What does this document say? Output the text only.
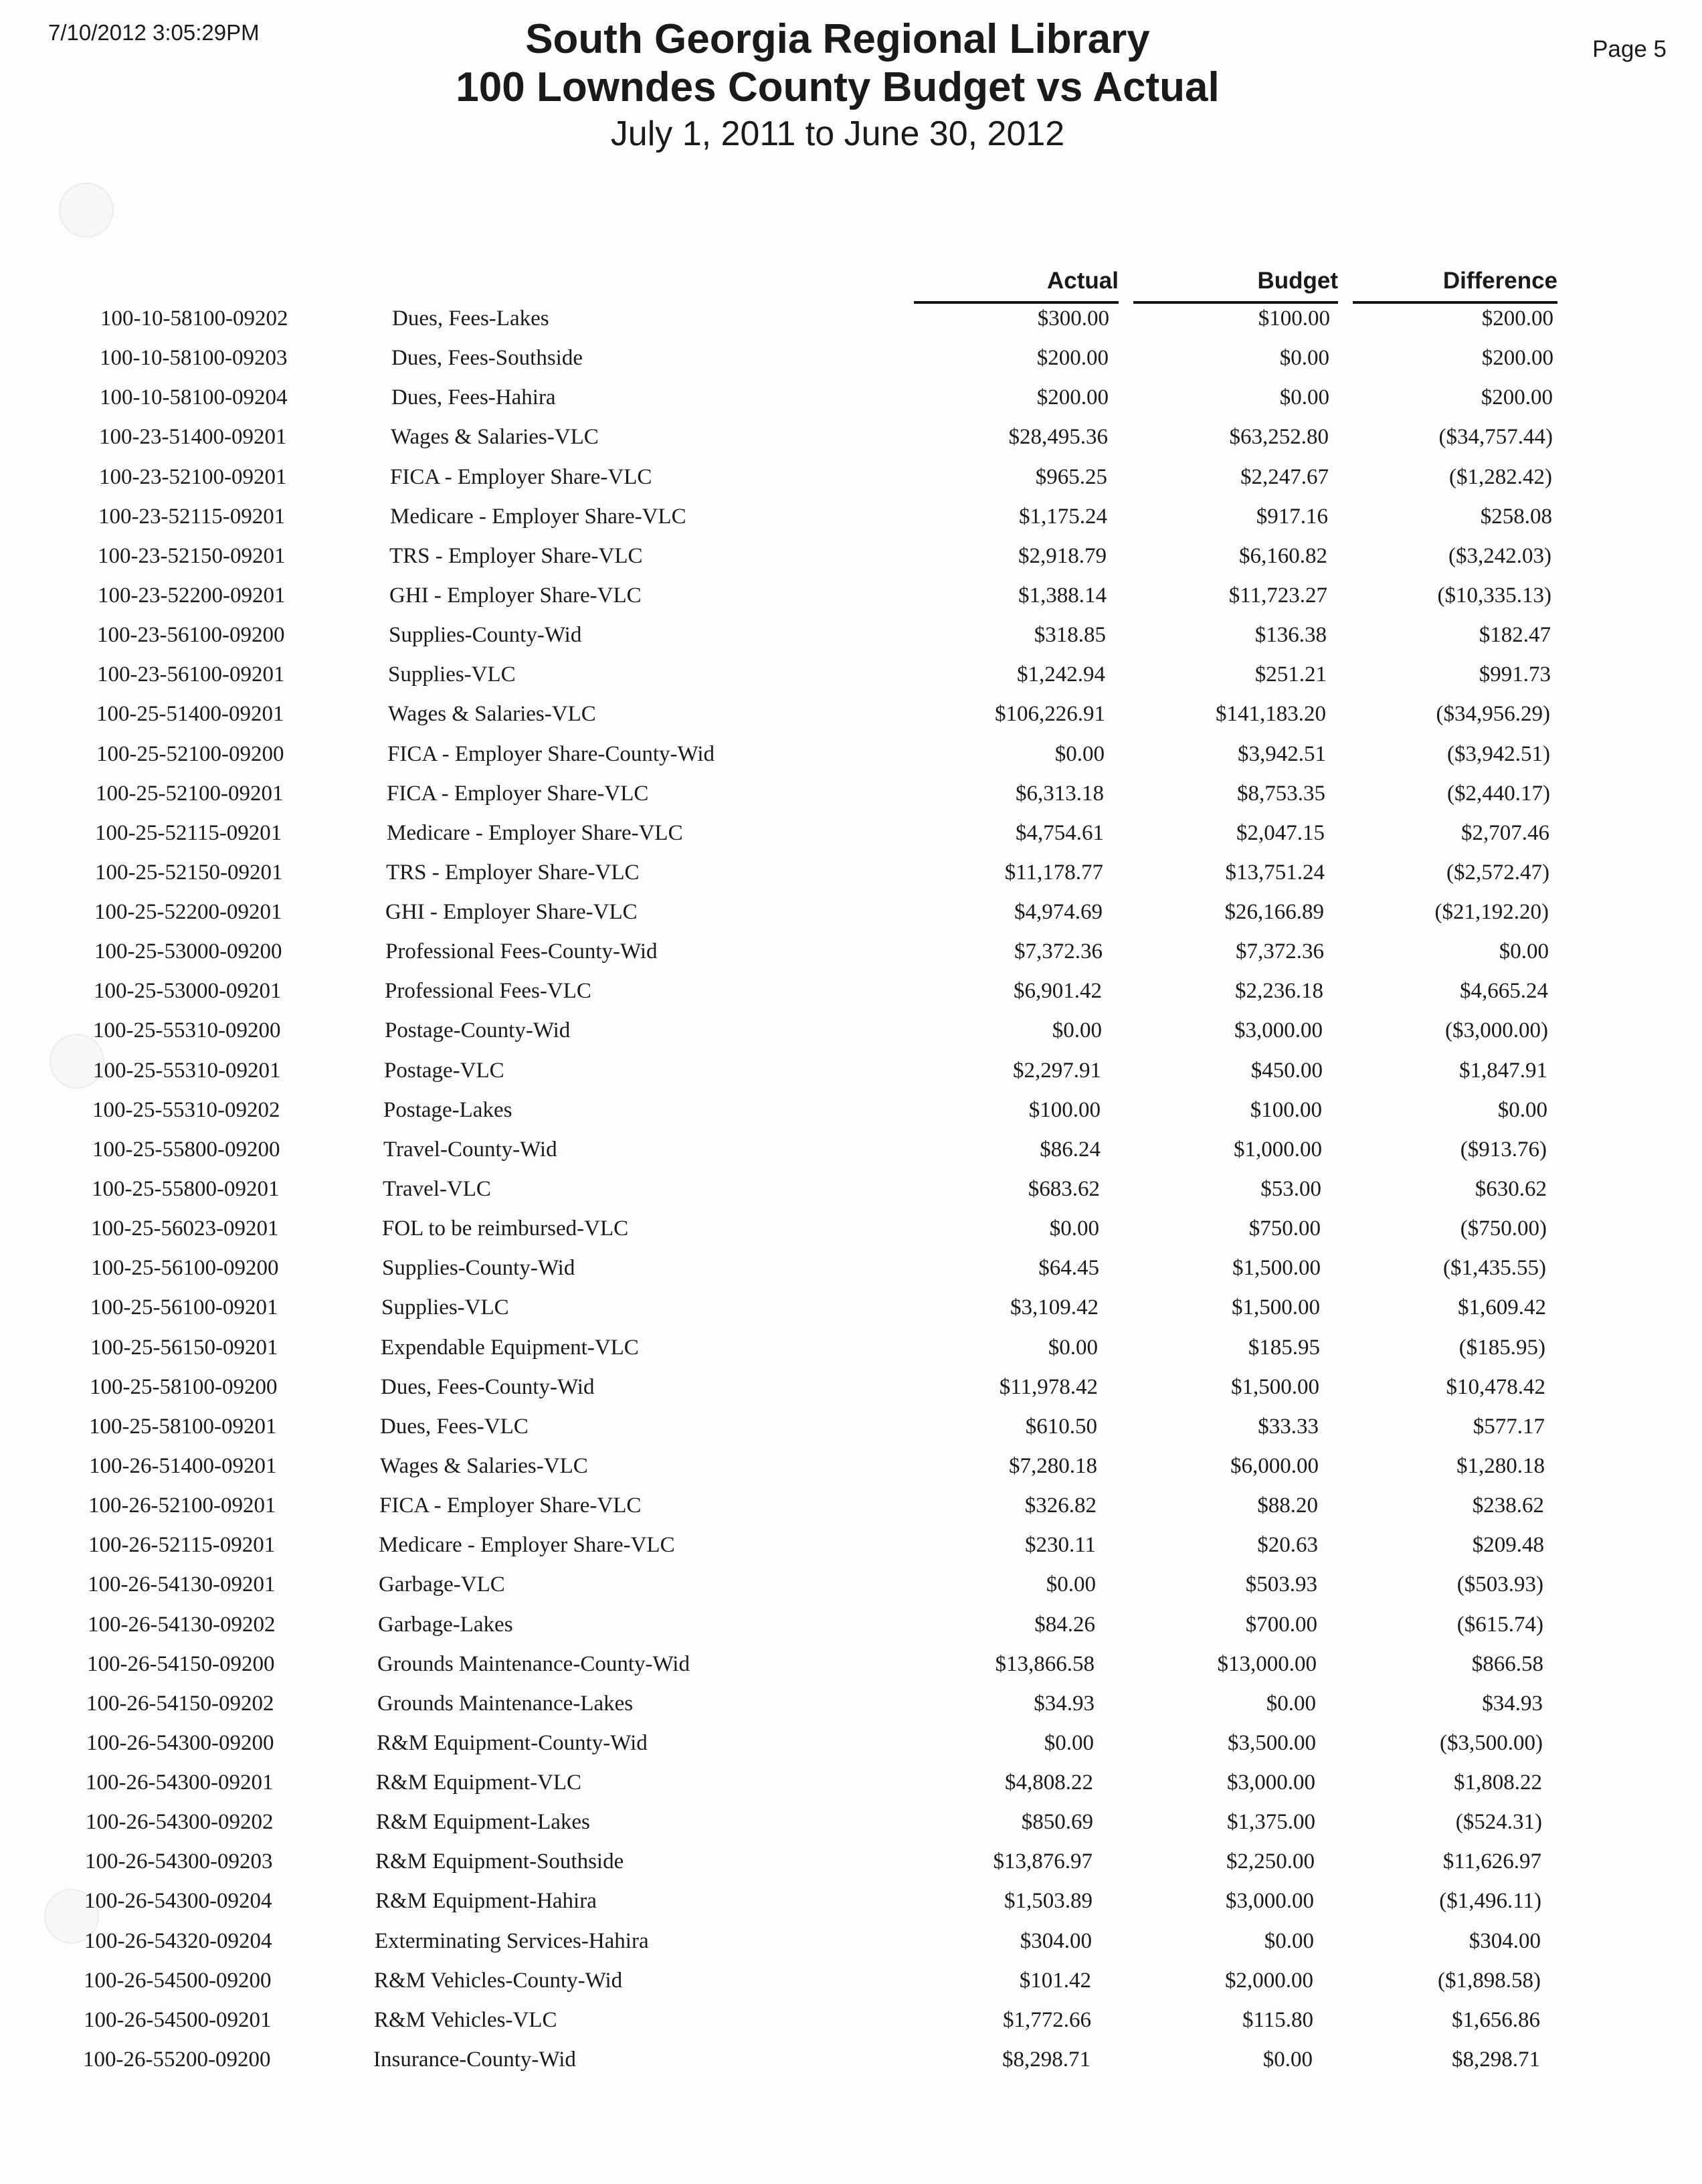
7/10/2012 3:05:29PM
Page 5
South Georgia Regional Library
100 Lowndes County Budget vs Actual
July 1, 2011 to June 30, 2012
Actual	Budget	Difference
100-10-58100-09202	Dues, Fees-Lakes	$300.00	$100.00	$200.00
100-10-58100-09203	Dues, Fees-Southside	$200.00	$0.00	$200.00
100-10-58100-09204	Dues, Fees-Hahira	$200.00	$0.00	$200.00
100-23-51400-09201	Wages & Salaries-VLC	$28,495.36	$63,252.80	($34,757.44)
100-23-52100-09201	FICA - Employer Share-VLC	$965.25	$2,247.67	($1,282.42)
100-23-52115-09201	Medicare - Employer Share-VLC	$1,175.24	$917.16	$258.08
100-23-52150-09201	TRS - Employer Share-VLC	$2,918.79	$6,160.82	($3,242.03)
100-23-52200-09201	GHI - Employer Share-VLC	$1,388.14	$11,723.27	($10,335.13)
100-23-56100-09200	Supplies-County-Wid	$318.85	$136.38	$182.47
100-23-56100-09201	Supplies-VLC	$1,242.94	$251.21	$991.73
100-25-51400-09201	Wages & Salaries-VLC	$106,226.91	$141,183.20	($34,956.29)
100-25-52100-09200	FICA - Employer Share-County-Wid	$0.00	$3,942.51	($3,942.51)
100-25-52100-09201	FICA - Employer Share-VLC	$6,313.18	$8,753.35	($2,440.17)
100-25-52115-09201	Medicare - Employer Share-VLC	$4,754.61	$2,047.15	$2,707.46
100-25-52150-09201	TRS - Employer Share-VLC	$11,178.77	$13,751.24	($2,572.47)
100-25-52200-09201	GHI - Employer Share-VLC	$4,974.69	$26,166.89	($21,192.20)
100-25-53000-09200	Professional Fees-County-Wid	$7,372.36	$7,372.36	$0.00
100-25-53000-09201	Professional Fees-VLC	$6,901.42	$2,236.18	$4,665.24
100-25-55310-09200	Postage-County-Wid	$0.00	$3,000.00	($3,000.00)
100-25-55310-09201	Postage-VLC	$2,297.91	$450.00	$1,847.91
100-25-55310-09202	Postage-Lakes	$100.00	$100.00	$0.00
100-25-55800-09200	Travel-County-Wid	$86.24	$1,000.00	($913.76)
100-25-55800-09201	Travel-VLC	$683.62	$53.00	$630.62
100-25-56023-09201	FOL to be reimbursed-VLC	$0.00	$750.00	($750.00)
100-25-56100-09200	Supplies-County-Wid	$64.45	$1,500.00	($1,435.55)
100-25-56100-09201	Supplies-VLC	$3,109.42	$1,500.00	$1,609.42
100-25-56150-09201	Expendable Equipment-VLC	$0.00	$185.95	($185.95)
100-25-58100-09200	Dues, Fees-County-Wid	$11,978.42	$1,500.00	$10,478.42
100-25-58100-09201	Dues, Fees-VLC	$610.50	$33.33	$577.17
100-26-51400-09201	Wages & Salaries-VLC	$7,280.18	$6,000.00	$1,280.18
100-26-52100-09201	FICA - Employer Share-VLC	$326.82	$88.20	$238.62
100-26-52115-09201	Medicare - Employer Share-VLC	$230.11	$20.63	$209.48
100-26-54130-09201	Garbage-VLC	$0.00	$503.93	($503.93)
100-26-54130-09202	Garbage-Lakes	$84.26	$700.00	($615.74)
100-26-54150-09200	Grounds Maintenance-County-Wid	$13,866.58	$13,000.00	$866.58
100-26-54150-09202	Grounds Maintenance-Lakes	$34.93	$0.00	$34.93
100-26-54300-09200	R&M Equipment-County-Wid	$0.00	$3,500.00	($3,500.00)
100-26-54300-09201	R&M Equipment-VLC	$4,808.22	$3,000.00	$1,808.22
100-26-54300-09202	R&M Equipment-Lakes	$850.69	$1,375.00	($524.31)
100-26-54300-09203	R&M Equipment-Southside	$13,876.97	$2,250.00	$11,626.97
100-26-54300-09204	R&M Equipment-Hahira	$1,503.89	$3,000.00	($1,496.11)
100-26-54320-09204	Exterminating Services-Hahira	$304.00	$0.00	$304.00
100-26-54500-09200	R&M Vehicles-County-Wid	$101.42	$2,000.00	($1,898.58)
100-26-54500-09201	R&M Vehicles-VLC	$1,772.66	$115.80	$1,656.86
100-26-55200-09200	Insurance-County-Wid	$8,298.71	$0.00	$8,298.71
